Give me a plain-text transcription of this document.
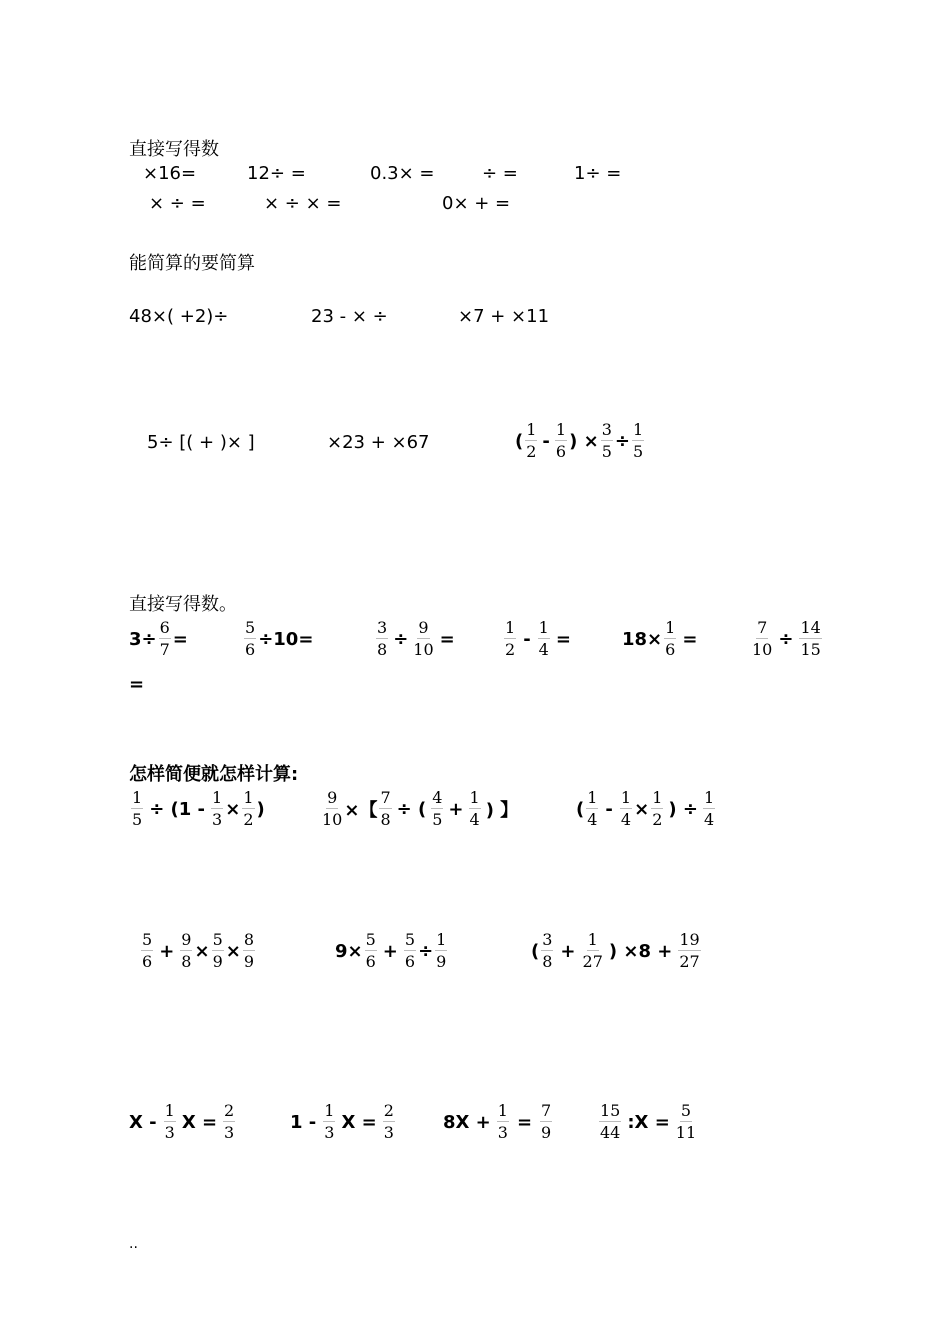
直接写得数
×16=	12÷ =	0.3× =	÷ =	1÷ =
× ÷ =	× ÷ × =	0× + =
能简算的要简算
48×( +2)÷	23 - × ÷	×7 + ×11
5÷ [( + )× ]	×23 + ×67	( $\frac{1}{2} - \frac{1}{6}$ )
× $\frac{3}{5} \div \frac{1}{5}$
直接写得数。
$3\div \frac{6}{7}$ =	$\frac{5}{6} \div 10=$	$\frac{3}{8} \div \frac{9}{10}$ =	$\frac{1}{2} - \frac{1}{4}$ =	$18\times \frac{1}{6}$ =	$\frac{7}{10} \div \frac{14}{15}$
=
怎样简便就怎样计算:
$\frac{1}{5} \div (1 - \frac{1}{3} \times \frac{1}{2}$ )	$\frac{9}{10}$ ×【 $\frac{7}{8}$ ÷ ( $\frac{4}{5} + \frac{1}{4}$ ) 】	( $\frac{1}{4} - \frac{1}{4} \times \frac{1}{2}$ ) ÷ $\frac{1}{4}$
$\frac{5}{6} + \frac{9}{8} \times \frac{5}{9} \times \frac{8}{9}$	$9\times \frac{5}{6} + \frac{5}{6} \div \frac{1}{9}$	( $\frac{3}{8} + \frac{1}{27}$ ) $\times 8 + \frac{19}{27}$
X - $\frac{1}{3}$ $X = \frac{2}{3}$	$1 - \frac{1}{3}$ $X = \frac{2}{3}$	$8X + \frac{1}{3} = \frac{7}{9}$	$\frac{15}{44}$ :X = $\frac{5}{11}$
..
